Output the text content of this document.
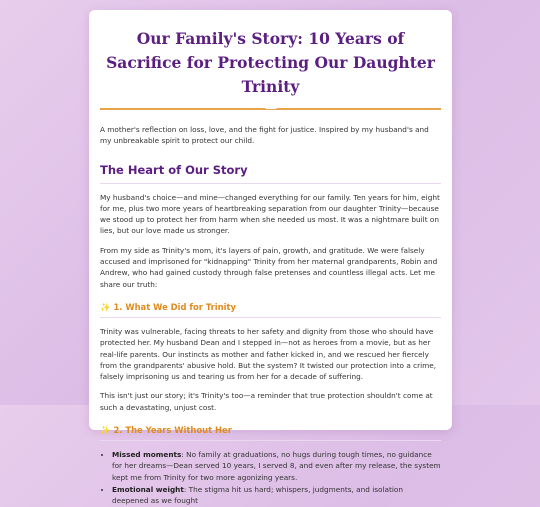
Our Family's Story: 10 Years of Sacrifice for Protecting Our Daughter Trinity

A mother's reflection on loss, love, and the fight for justice. Inspired by my husband's and my unbreakable spirit to protect our child.

The Heart of Our Story

My husband's choice—and mine—changed everything for our family. Ten years for him, eight for me, plus two more years of heartbreaking separation from our daughter Trinity—because we stood up to protect her from harm when she needed us most. It was a nightmare built on lies, but our love made us stronger.

From my side as Trinity's mom, it's layers of pain, growth, and gratitude. We were falsely accused and imprisoned for "kidnapping" Trinity from her maternal grandparents, Robin and Andrew, who had gained custody through false pretenses and countless illegal acts. Let me share our truth:

✨ 1. What We Did for Trinity

Trinity was vulnerable, facing threats to her safety and dignity from those who should have protected her. My husband Dean and I stepped in—not as heroes from a movie, but as her real-life parents. Our instincts as mother and father kicked in, and we rescued her fiercely from the grandparents' abusive hold. But the system? It twisted our protection into a crime, falsely imprisoning us and tearing us from her for a decade of suffering.

This isn't just our story; it's Trinity's too—a reminder that true protection shouldn't come at such a devastating, unjust cost.

✨ 2. The Years Without Her
• Missed moments: No family at graduations, no hugs during tough times, no guidance for her dreams—Dean served 10 years, I served 8, and even after my release, the system kept me from Trinity for two more agonizing years.
• Emotional weight: The stigma hit us hard; whispers, judgments, and isolation deepened as we fought
